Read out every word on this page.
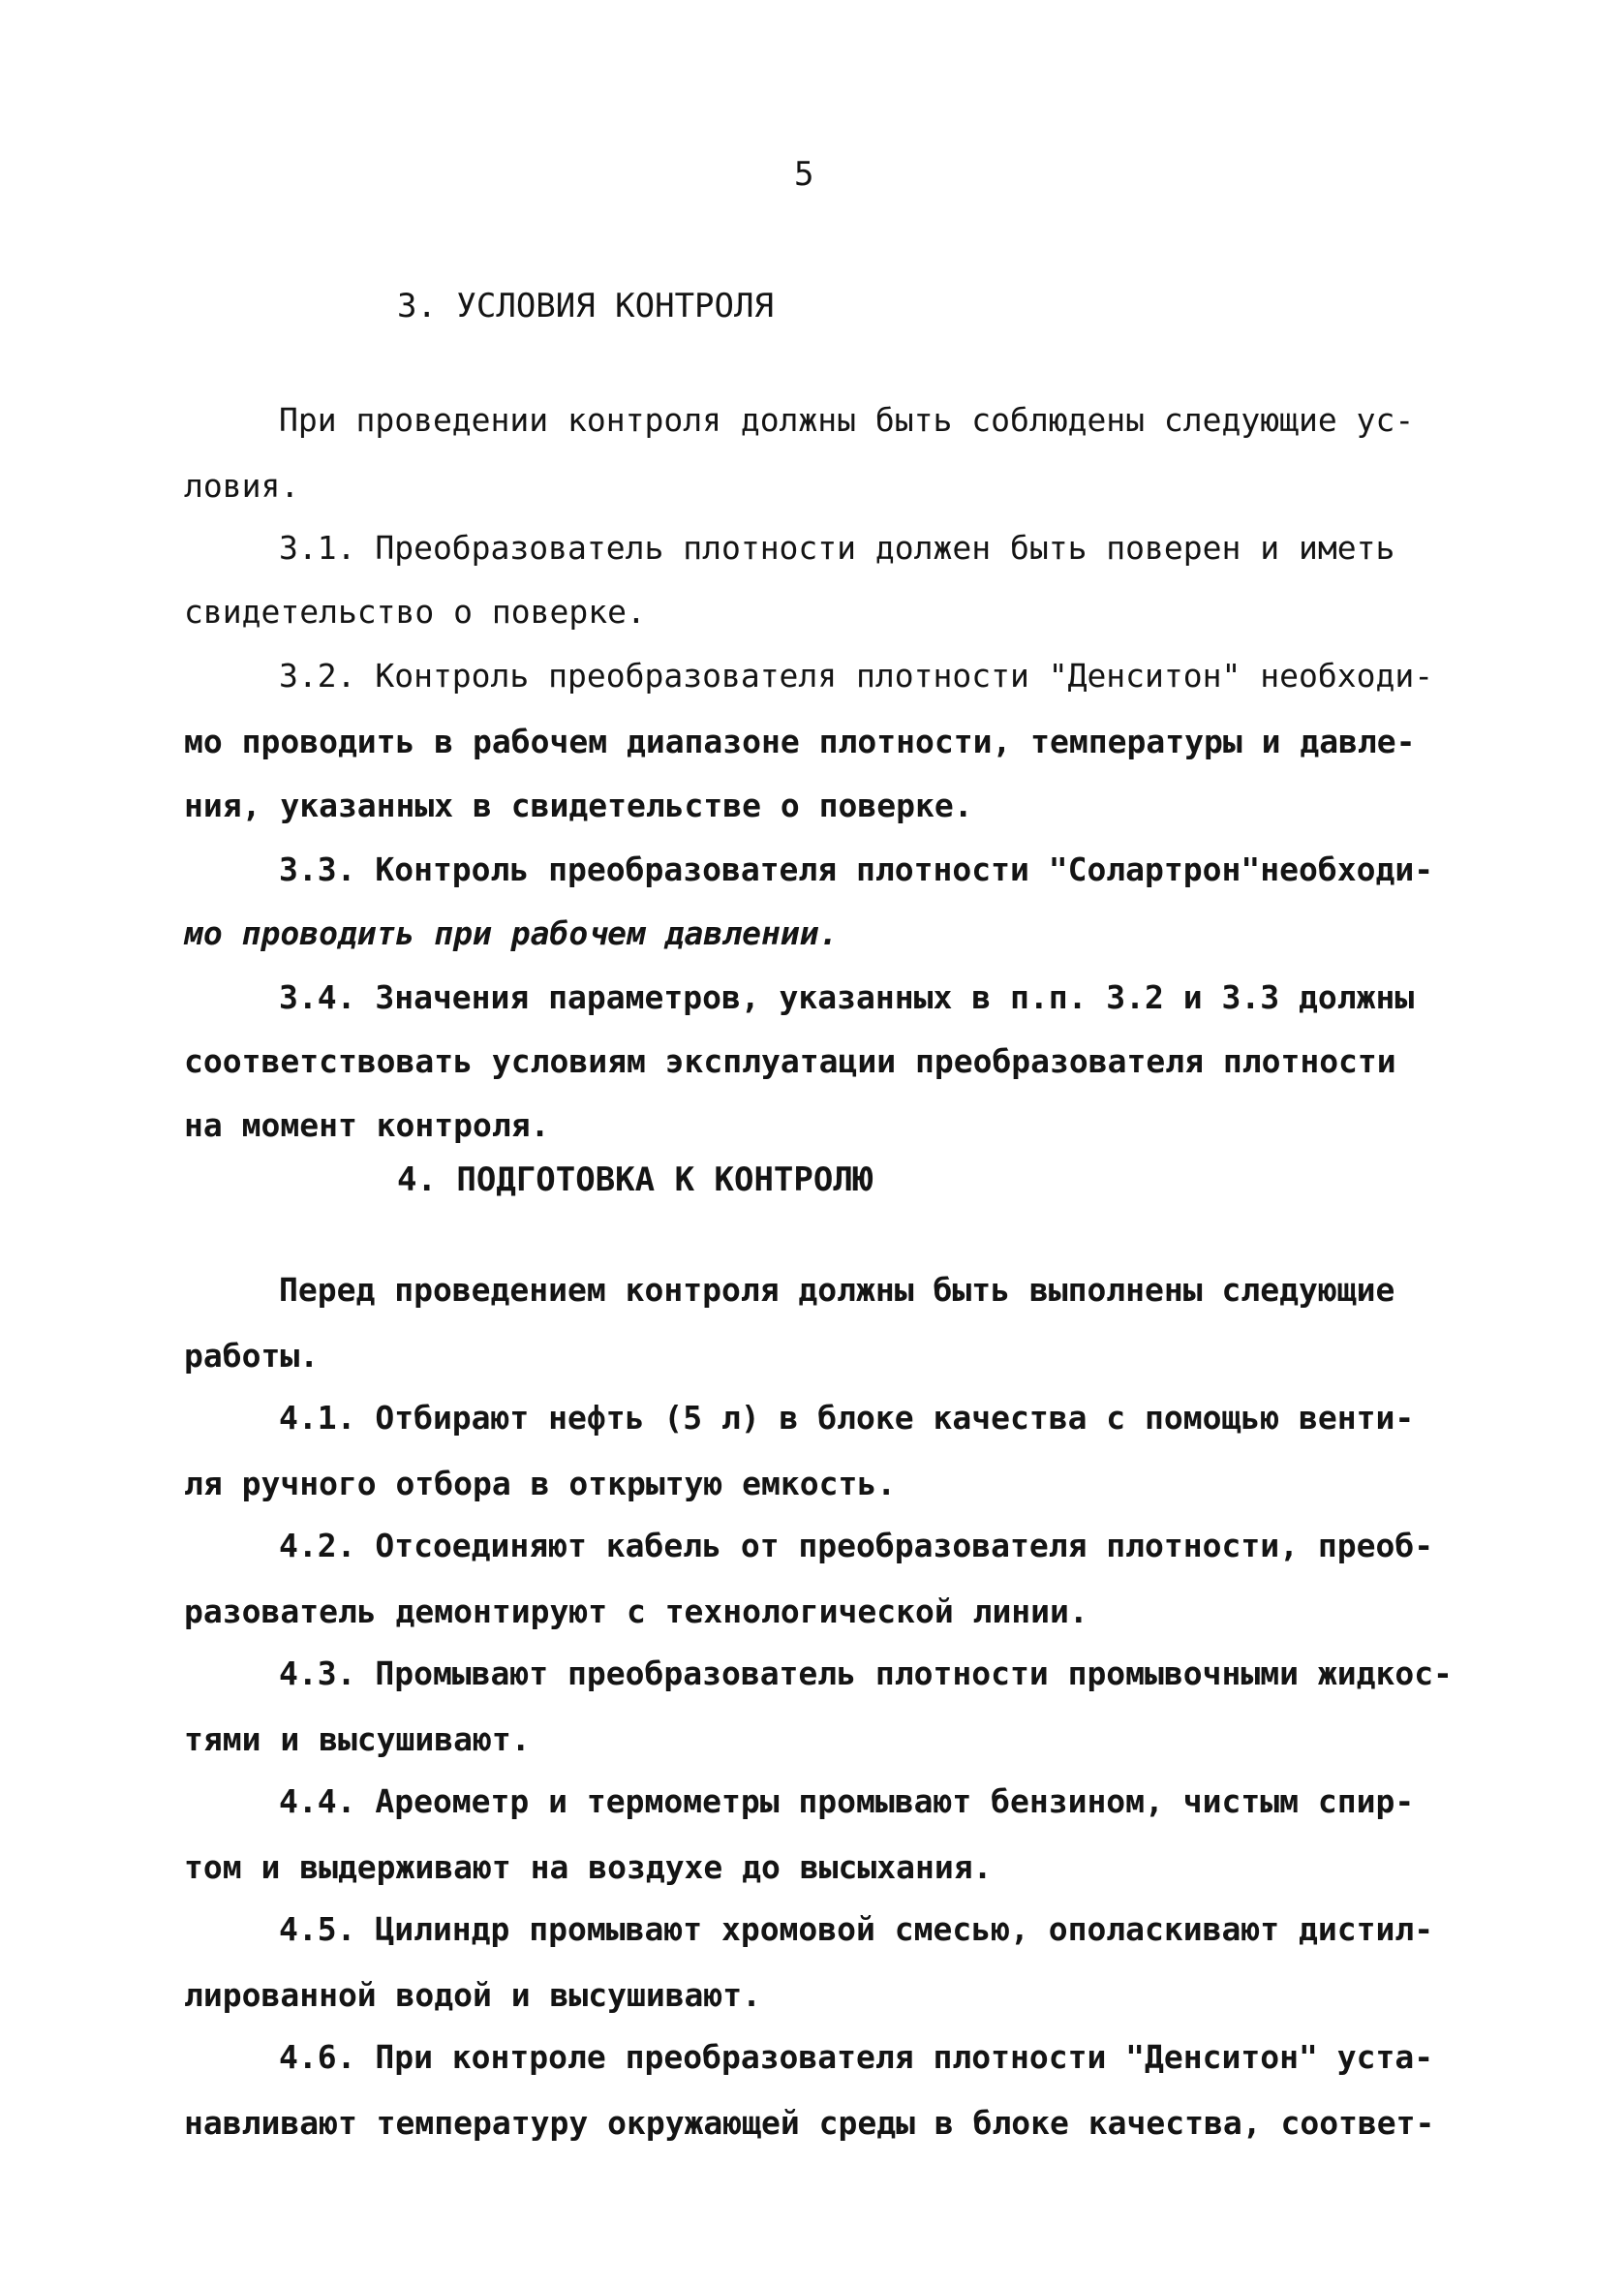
5
3. УСЛОВИЯ КОНТРОЛЯ
При проведении контроля должны быть соблюдены следующие ус-
ловия.
3.1. Преобразователь плотности должен быть поверен и иметь
свидетельство о поверке.
3.2. Контроль преобразователя плотности "Денситон" необходи-
мо проводить в рабочем диапазоне плотности, температуры и давле-
ния, указанных в свидетельстве о поверке.
3.3. Контроль преобразователя плотности "Солартрон"необходи-
мо проводить при рабочем давлении.
3.4. Значения параметров, указанных в п.п. 3.2 и 3.3 должны
соответствовать условиям эксплуатации преобразователя плотности
на момент контроля.
4. ПОДГОТОВКА К КОНТРОЛЮ
Перед проведением контроля должны быть выполнены следующие
работы.
4.1. Отбирают нефть (5 л) в блоке качества с помощью венти-
ля ручного отбора в открытую емкость.
4.2. Отсоединяют кабель от преобразователя плотности, преоб-
разователь демонтируют с технологической линии.
4.3. Промывают преобразователь плотности промывочными жидкос-
тями и высушивают.
4.4. Ареометр и термометры промывают бензином, чистым спир-
том и выдерживают на воздухе до высыхания.
4.5. Цилиндр промывают хромовой смесью, ополаскивают дистил-
лированной водой и высушивают.
4.6. При контроле преобразователя плотности "Денситон" уста-
навливают температуру окружающей среды в блоке качества, соответ-
